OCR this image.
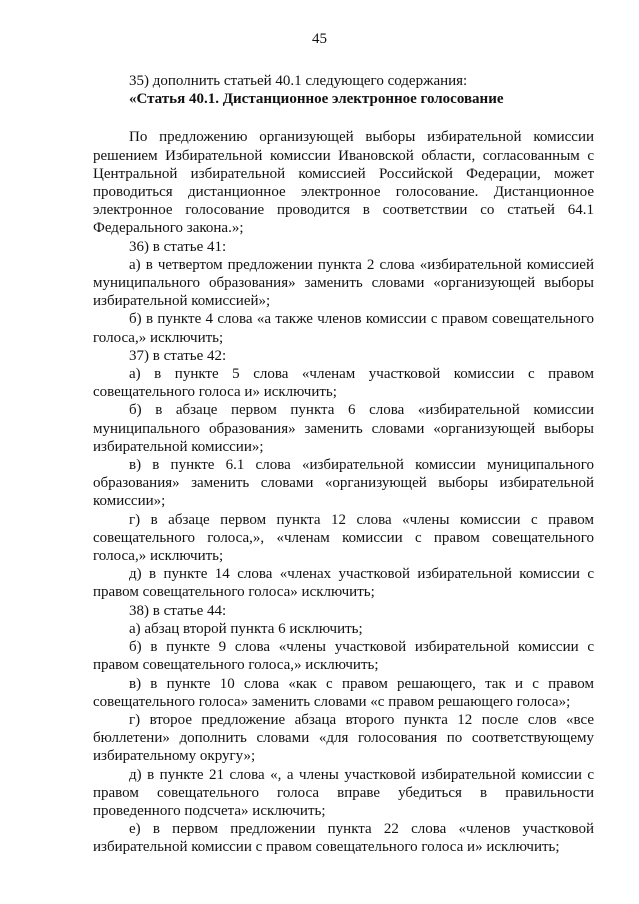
45

35) дополнить статьей 40.1 следующего содержания:

«Статья 40.1. Дистанционное электронное голосование

По предложению организующей выборы избирательной комиссии решением Избирательной комиссии Ивановской области, согласованным с Центральной избирательной комиссией Российской Федерации, может проводиться дистанционное электронное голосование. Дистанционное электронное голосование проводится в соответствии со статьей 64.1 Федерального закона.»;

36) в статье 41:

а) в четвертом предложении пункта 2 слова «избирательной комиссией муниципального образования» заменить словами «организующей выборы избирательной комиссией»;

б) в пункте 4 слова «а также членов комиссии с правом совещательного голоса,» исключить;

37) в статье 42:

а) в пункте 5 слова «членам участковой комиссии с правом совещательного голоса и» исключить;

б) в абзаце первом пункта 6 слова «избирательной комиссии муниципального образования» заменить словами «организующей выборы избирательной комиссии»;

в) в пункте 6.1 слова «избирательной комиссии муниципального образования» заменить словами «организующей выборы избирательной комиссии»;

г) в абзаце первом пункта 12 слова «члены комиссии с правом совещательного голоса,», «членам комиссии с правом совещательного голоса,» исключить;

д) в пункте 14 слова «членах участковой избирательной комиссии с правом совещательного голоса» исключить;

38) в статье 44:

а) абзац второй пункта 6 исключить;

б) в пункте 9 слова «члены участковой избирательной комиссии с правом совещательного голоса,» исключить;

в) в пункте 10 слова «как с правом решающего, так и с правом совещательного голоса» заменить словами «с правом решающего голоса»;

г) второе предложение абзаца второго пункта 12 после слов «все бюллетени» дополнить словами «для голосования по соответствующему избирательному округу»;

д) в пункте 21 слова «, а члены участковой избирательной комиссии с правом совещательного голоса вправе убедиться в правильности проведенного подсчета» исключить;

е) в первом предложении пункта 22 слова «членов участковой избирательной комиссии с правом совещательного голоса и» исключить;
